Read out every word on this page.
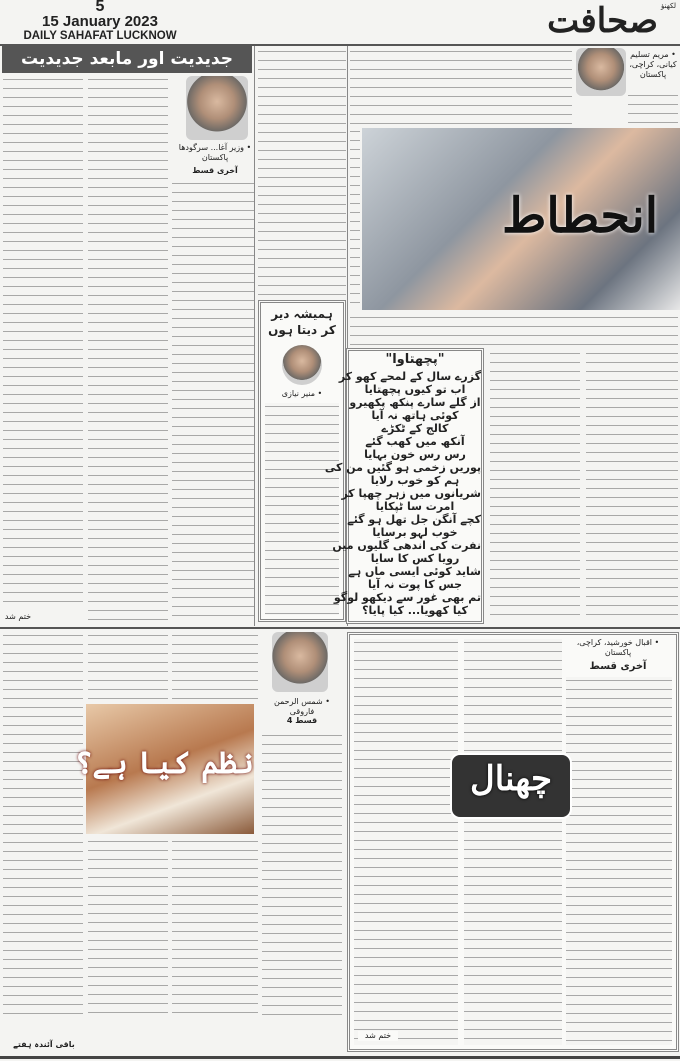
5
15 January 2023
DAILY SAHAFAT LUCKNOW	صحافت لکھنؤ
جدیدیت اور مابعد جدیدیت
• وزیر آغا... سرگودھا پاکستان
آخری قسط
ختم شد
ہمیشہ دیر کر دیتا ہوں
• منیر نیازی
• مریم تسلیم کیانی، کراچی، پاکستان
انحطاط
"پچھتاوا"
گزرے سال کے لمحے کھو کر
اب تو کیوں پچھتایا
از گلے سارے پنکھ پکھیرو
کوئی ہاتھ نہ آیا
کالج کے ٹکڑے
آنکھ میں کھب گئے
رس رس خون بہایا
پوریں زخمی ہو گئیں من کی
ہم کو خوب رلایا
شریانوں میں زہر چھپا کر
امرت سا ٹپکایا
کچے آنگن جل تھل ہو گئے
خوب لہو برسایا
نفرت کی اندھی گلیوں میں
رویا کس کا سایا
شاید کوئی ایسی ماں ہے
جس کا پوت نہ آیا
تم بھی غور سے دیکھو لوگو
کیا کھویا... کیا پایا؟
• شمس الرحمن فاروقی
قسط 4
نظم کیا ہے؟
باقی آئندہ ہفتے
• اقبال خورشید، کراچی، پاکستان
آخری قسط
چھنال
ختم شد
